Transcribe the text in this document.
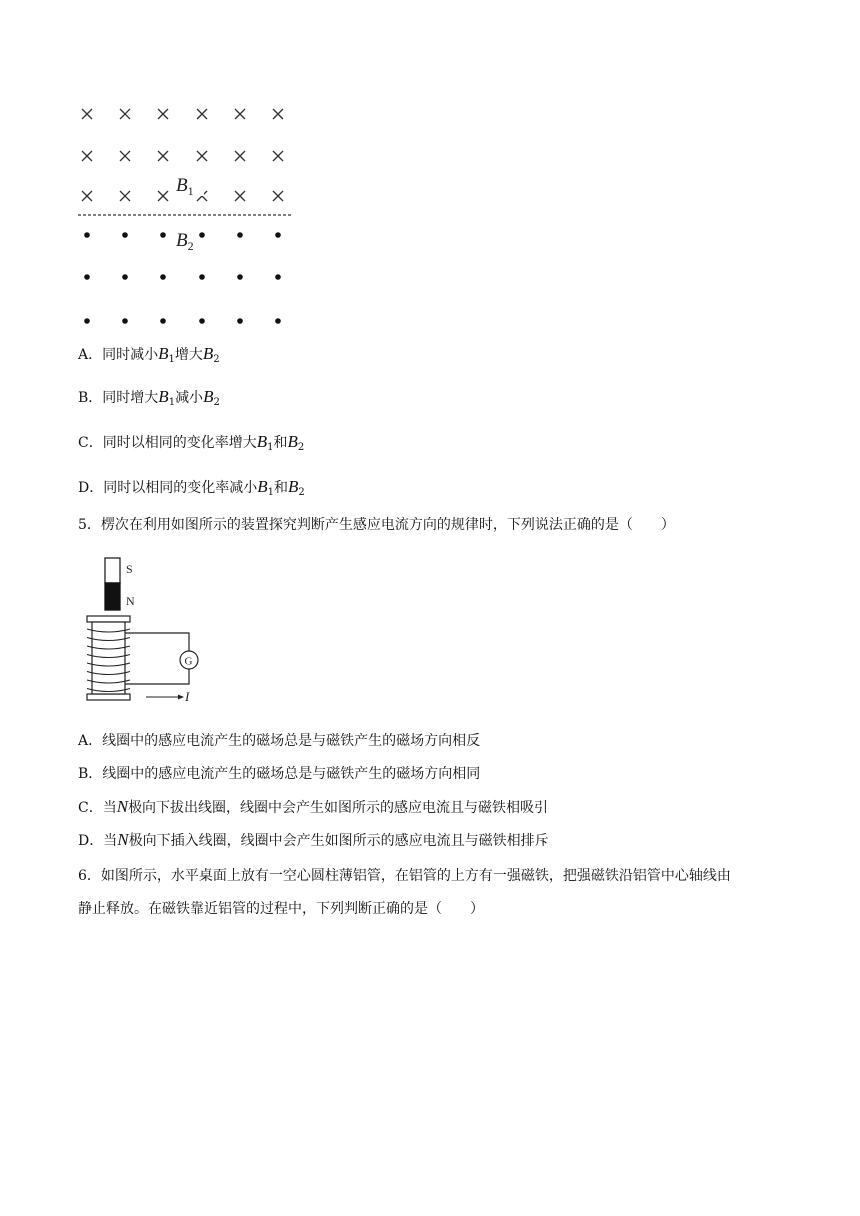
$B_1$
$B_2$
A．同时减小$B_1$增大$B_2$
B．同时增大$B_1$减小$B_2$
C．同时以相同的变化率增大$B_1$和$B_2$
D．同时以相同的变化率减小$B_1$和$B_2$
5．楞次在利用如图所示的装置探究判断产生感应电流方向的规律时，下列说法正确的是（　　）
S
N
G
I
A．线圈中的感应电流产生的磁场总是与磁铁产生的磁场方向相反
B．线圈中的感应电流产生的磁场总是与磁铁产生的磁场方向相同
C．当N极向下拔出线圈，线圈中会产生如图所示的感应电流且与磁铁相吸引
D．当N极向下插入线圈，线圈中会产生如图所示的感应电流且与磁铁相排斥
6．如图所示，水平桌面上放有一空心圆柱薄铝管，在铝管的上方有一强磁铁，把强磁铁沿铝管中心轴线由
静止释放。在磁铁靠近铝管的过程中，下列判断正确的是（　　）
